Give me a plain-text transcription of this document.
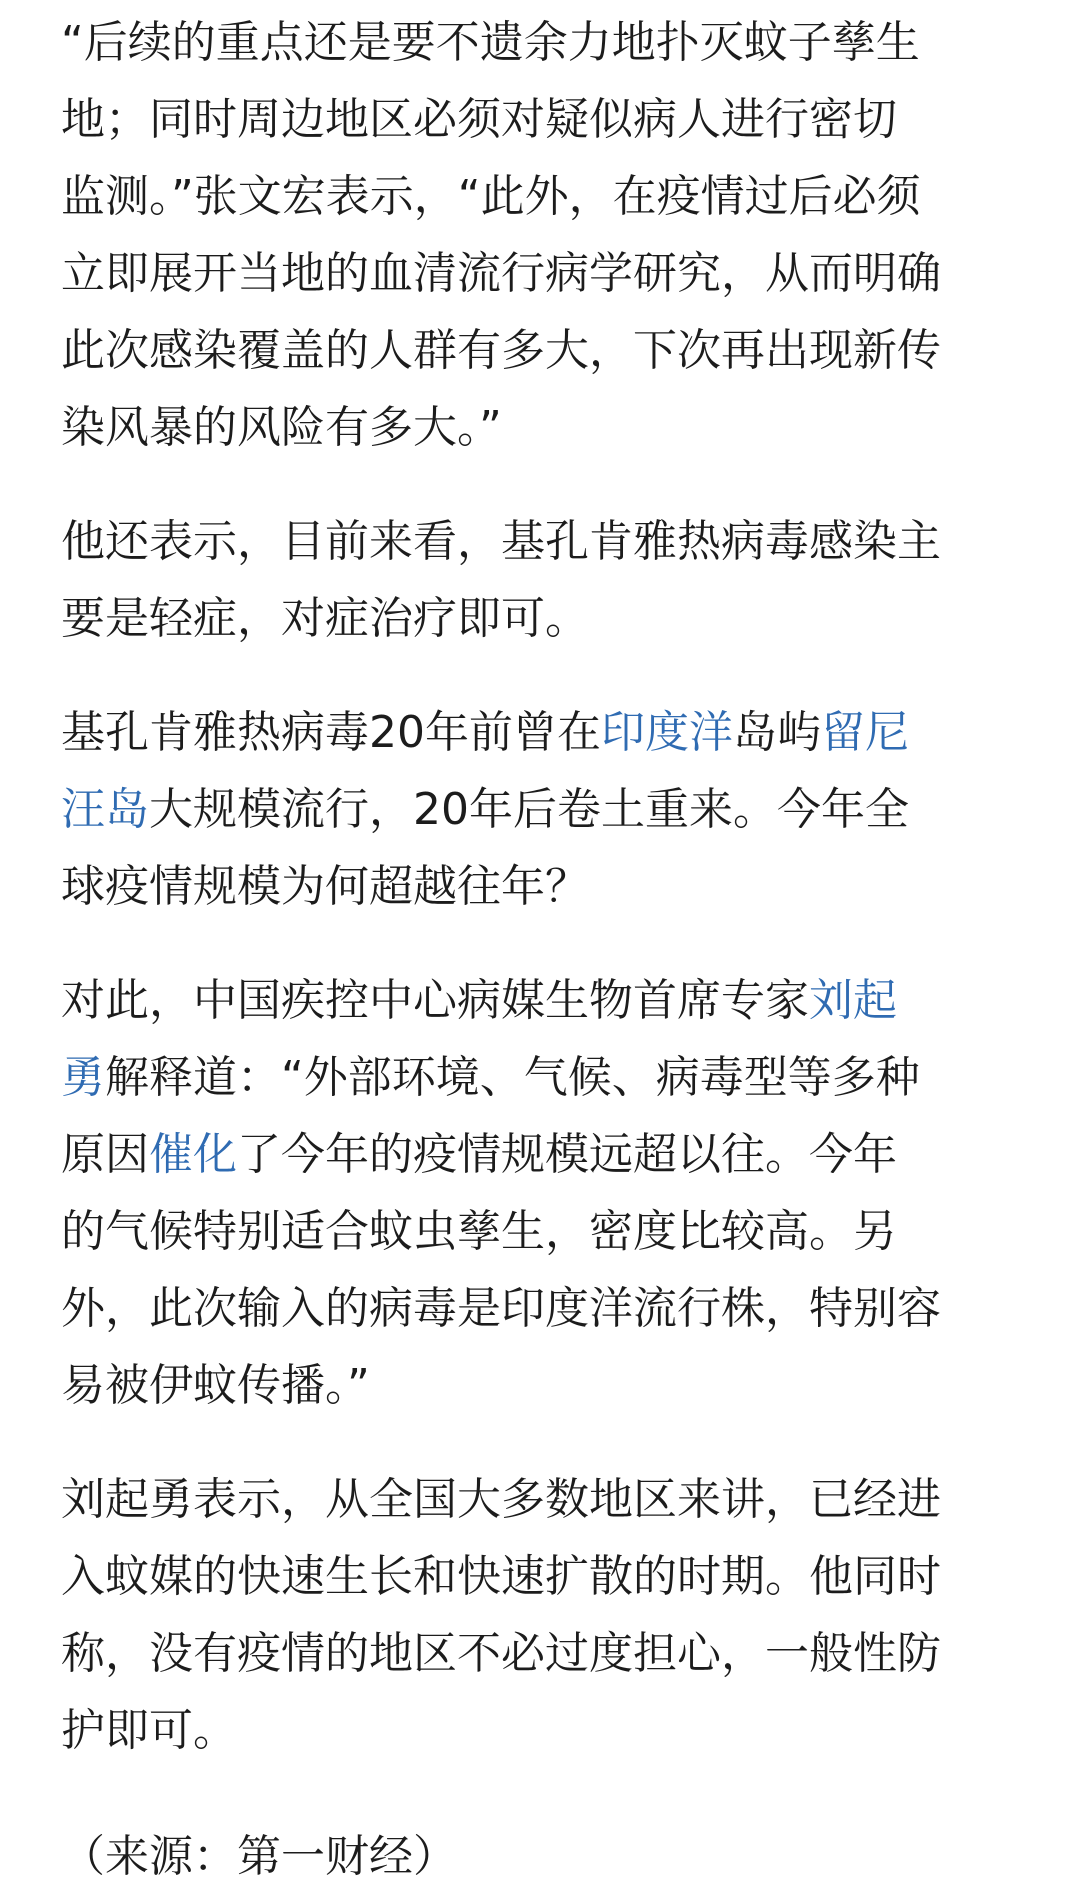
“后续的重点还是要不遗余力地扑灭蚊子孳生
地；同时周边地区必须对疑似病人进行密切
监测。”张文宏表示，“此外，在疫情过后必须
立即展开当地的血清流行病学研究，从而明确
此次感染覆盖的人群有多大，下次再出现新传
染风暴的风险有多大。”

他还表示，目前来看，基孔肯雅热病毒感染主
要是轻症，对症治疗即可。

基孔肯雅热病毒20年前曾在印度洋岛屿留尼
汪岛大规模流行，20年后卷土重来。今年全
球疫情规模为何超越往年？

对此，中国疾控中心病媒生物首席专家刘起
勇解释道：“外部环境、气候、病毒型等多种
原因催化了今年的疫情规模远超以往。今年
的气候特别适合蚊虫孳生，密度比较高。另
外，此次输入的病毒是印度洋流行株，特别容
易被伊蚊传播。”

刘起勇表示，从全国大多数地区来讲，已经进
入蚊媒的快速生长和快速扩散的时期。他同时
称，没有疫情的地区不必过度担心，一般性防
护即可。

（来源：第一财经）
